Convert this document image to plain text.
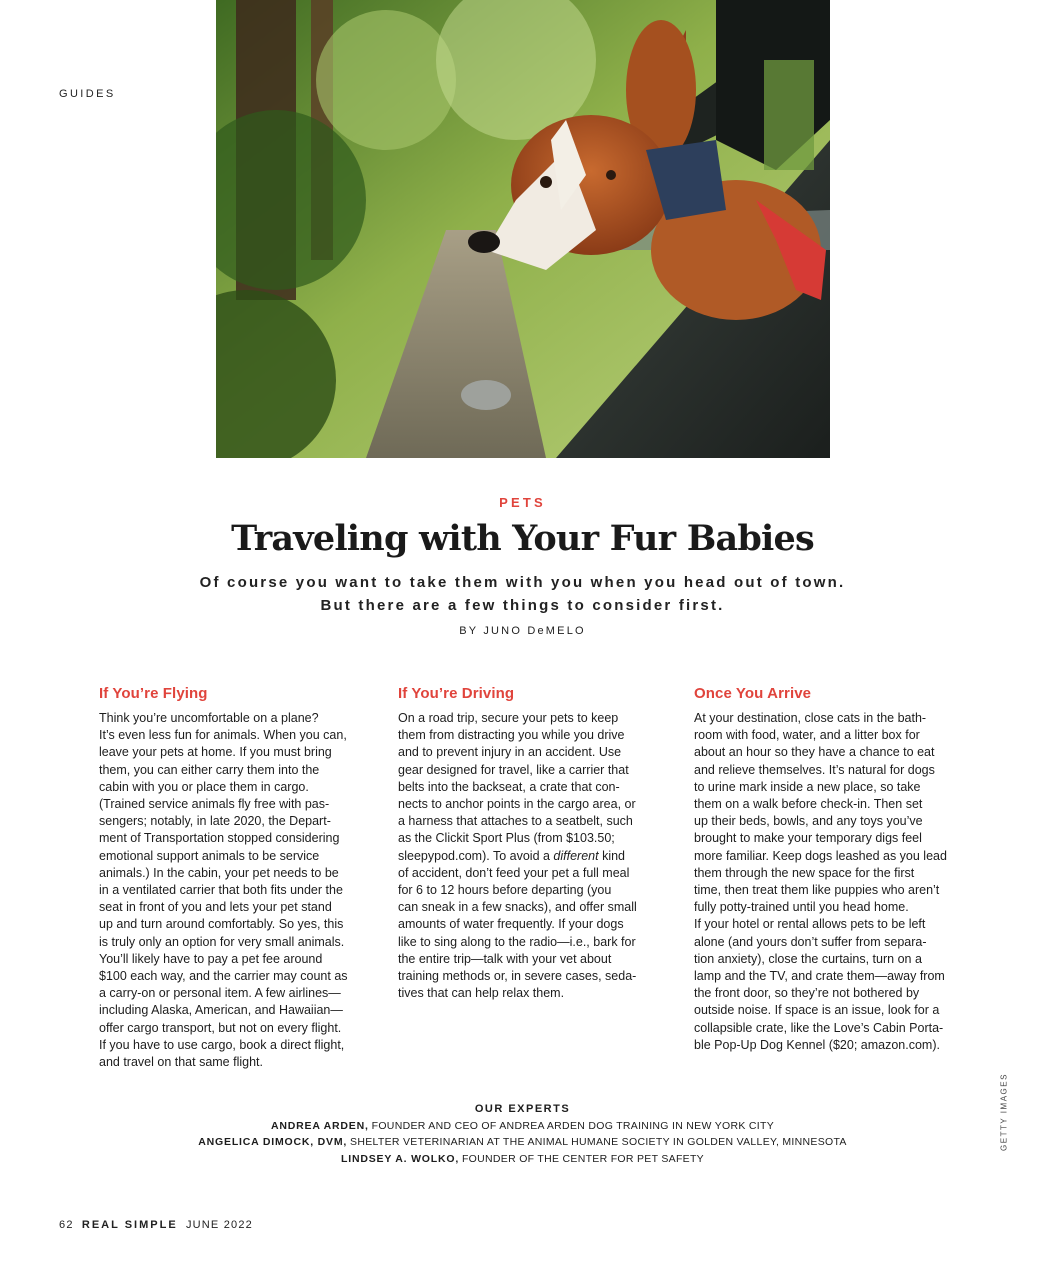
GUIDES
PETS
Traveling with Your Fur Babies
Of course you want to take them with you when you head out of town.
But there are a few things to consider first.
BY JUNO DeMELO
If You’re Flying

Think you’re uncomfortable on a plane?
It’s even less fun for animals. When you can,
leave your pets at home. If you must bring
them, you can either carry them into the
cabin with you or place them in cargo.
(Trained service animals fly free with pas-
sengers; notably, in late 2020, the Depart-
ment of Transportation stopped considering
emotional support animals to be service
animals.) In the cabin, your pet needs to be
in a ventilated carrier that both fits under the
seat in front of you and lets your pet stand
up and turn around comfortably. So yes, this
is truly only an option for very small animals.
You’ll likely have to pay a pet fee around
$100 each way, and the carrier may count as
a carry-on or personal item. A few airlines—
including Alaska, American, and Hawaiian—
offer cargo transport, but not on every flight.
If you have to use cargo, book a direct flight,
and travel on that same flight.

If You’re Driving

On a road trip, secure your pets to keep
them from distracting you while you drive
and to prevent injury in an accident. Use
gear designed for travel, like a carrier that
belts into the backseat, a crate that con-
nects to anchor points in the cargo area, or
a harness that attaches to a seatbelt, such
as the Clickit Sport Plus (from $103.50;
sleepypod.com). To avoid a different kind
of accident, don’t feed your pet a full meal
for 6 to 12 hours before departing (you
can sneak in a few snacks), and offer small
amounts of water frequently. If your dogs
like to sing along to the radio—i.e., bark for
the entire trip—talk with your vet about
training methods or, in severe cases, seda-
tives that can help relax them.

Once You Arrive

At your destination, close cats in the bath-
room with food, water, and a litter box for
about an hour so they have a chance to eat
and relieve themselves. It’s natural for dogs
to urine mark inside a new place, so take
them on a walk before check-in. Then set
up their beds, bowls, and any toys you’ve
brought to make your temporary digs feel
more familiar. Keep dogs leashed as you lead
them through the new space for the first
time, then treat them like puppies who aren’t
fully potty-trained until you head home.
If your hotel or rental allows pets to be left
alone (and yours don’t suffer from separa-
tion anxiety), close the curtains, turn on a
lamp and the TV, and crate them—away from
the front door, so they’re not bothered by
outside noise. If space is an issue, look for a
collapsible crate, like the Love’s Cabin Porta-
ble Pop-Up Dog Kennel ($20; amazon.com).

OUR EXPERTS
ANDREA ARDEN, FOUNDER AND CEO OF ANDREA ARDEN DOG TRAINING IN NEW YORK CITY
ANGELICA DIMOCK, DVM, SHELTER VETERINARIAN AT THE ANIMAL HUMANE SOCIETY IN GOLDEN VALLEY, MINNESOTA
LINDSEY A. WOLKO, FOUNDER OF THE CENTER FOR PET SAFETY
GETTY IMAGES
62 REAL SIMPLE JUNE 2022
